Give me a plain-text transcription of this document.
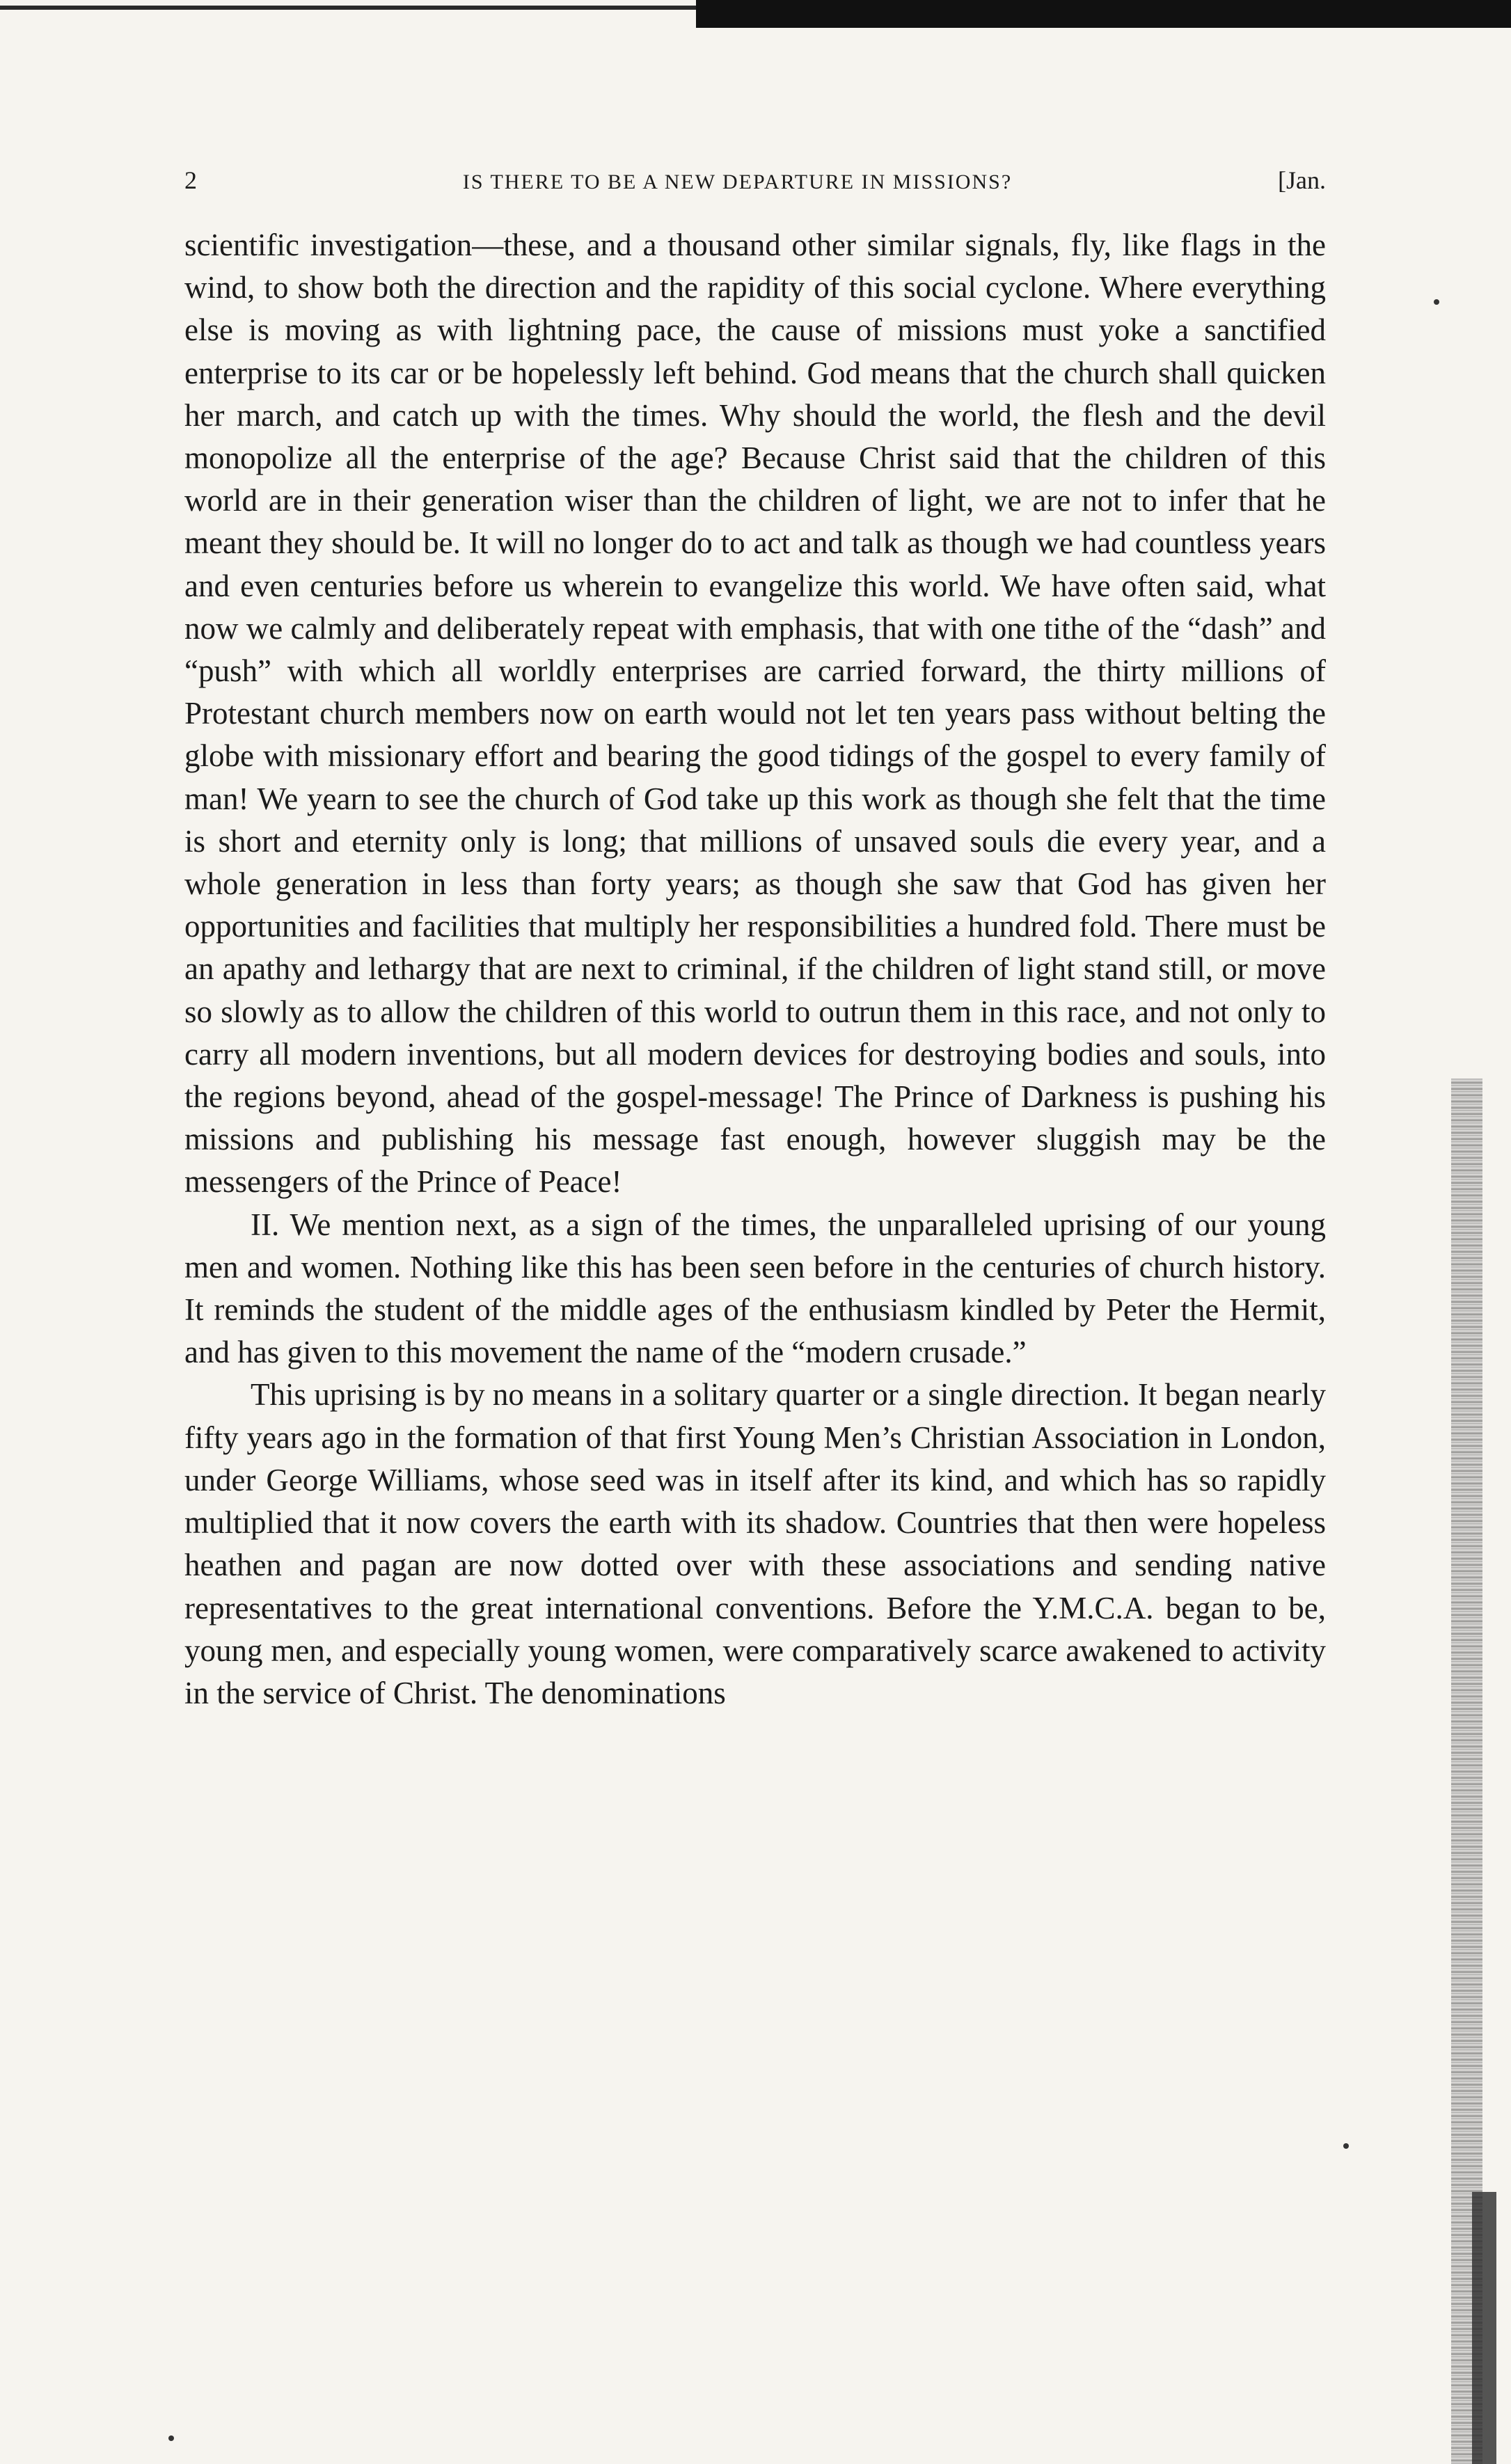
2	IS THERE TO BE A NEW DEPARTURE IN MISSIONS?	[Jan.

scientific investigation—these, and a thousand other similar signals, fly, like flags in the wind, to show both the direction and the rapidity of this social cyclone. Where everything else is moving as with lightning pace, the cause of missions must yoke a sanctified enterprise to its car or be hopelessly left behind. God means that the church shall quicken her march, and catch up with the times. Why should the world, the flesh and the devil monopolize all the enterprise of the age? Because Christ said that the children of this world are in their generation wiser than the children of light, we are not to infer that he meant they should be. It will no longer do to act and talk as though we had countless years and even centuries before us wherein to evangelize this world. We have often said, what now we calmly and deliberately repeat with emphasis, that with one tithe of the “dash” and “push” with which all worldly enterprises are carried forward, the thirty millions of Protestant church members now on earth would not let ten years pass without belting the globe with missionary effort and bearing the good tidings of the gospel to every family of man! We yearn to see the church of God take up this work as though she felt that the time is short and eternity only is long; that millions of unsaved souls die every year, and a whole generation in less than forty years; as though she saw that God has given her opportunities and facilities that multiply her responsibilities a hundred fold. There must be an apathy and lethargy that are next to criminal, if the children of light stand still, or move so slowly as to allow the children of this world to outrun them in this race, and not only to carry all modern inventions, but all modern devices for destroying bodies and souls, into the regions beyond, ahead of the gospel-message! The Prince of Darkness is pushing his missions and publishing his message fast enough, however sluggish may be the messengers of the Prince of Peace!

II. We mention next, as a sign of the times, the unparalleled uprising of our young men and women. Nothing like this has been seen before in the centuries of church history. It reminds the student of the middle ages of the enthusiasm kindled by Peter the Hermit, and has given to this movement the name of the “modern crusade.”

This uprising is by no means in a solitary quarter or a single direction. It began nearly fifty years ago in the formation of that first Young Men’s Christian Association in London, under George Williams, whose seed was in itself after its kind, and which has so rapidly multiplied that it now covers the earth with its shadow. Countries that then were hopeless heathen and pagan are now dotted over with these associations and sending native representatives to the great international conventions. Before the Y.M.C.A. began to be, young men, and especially young women, were comparatively scarce awakened to activity in the service of Christ. The denominations
